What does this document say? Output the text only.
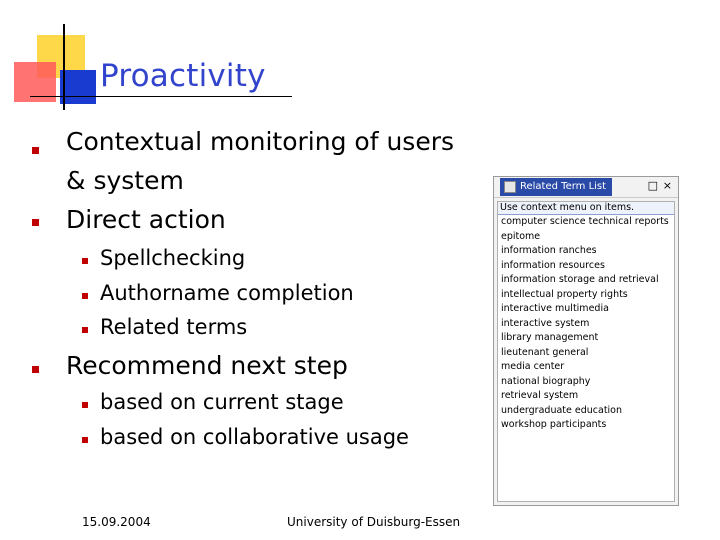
Proactivity
Contextual monitoring of users
& system
Direct action
Spellchecking
Authorname completion
Related terms
Recommend next step
based on current stage
based on collaborative usage
15.09.2004	University of Duisburg-Essen
Related Term List	□ ×
Use context menu on items.
computer science technical reports
epitome
information ranches
information resources
information storage and retrieval
intellectual property rights
interactive multimedia
interactive system
library management
lieutenant general
media center
national biography
retrieval system
undergraduate education
workshop participants
